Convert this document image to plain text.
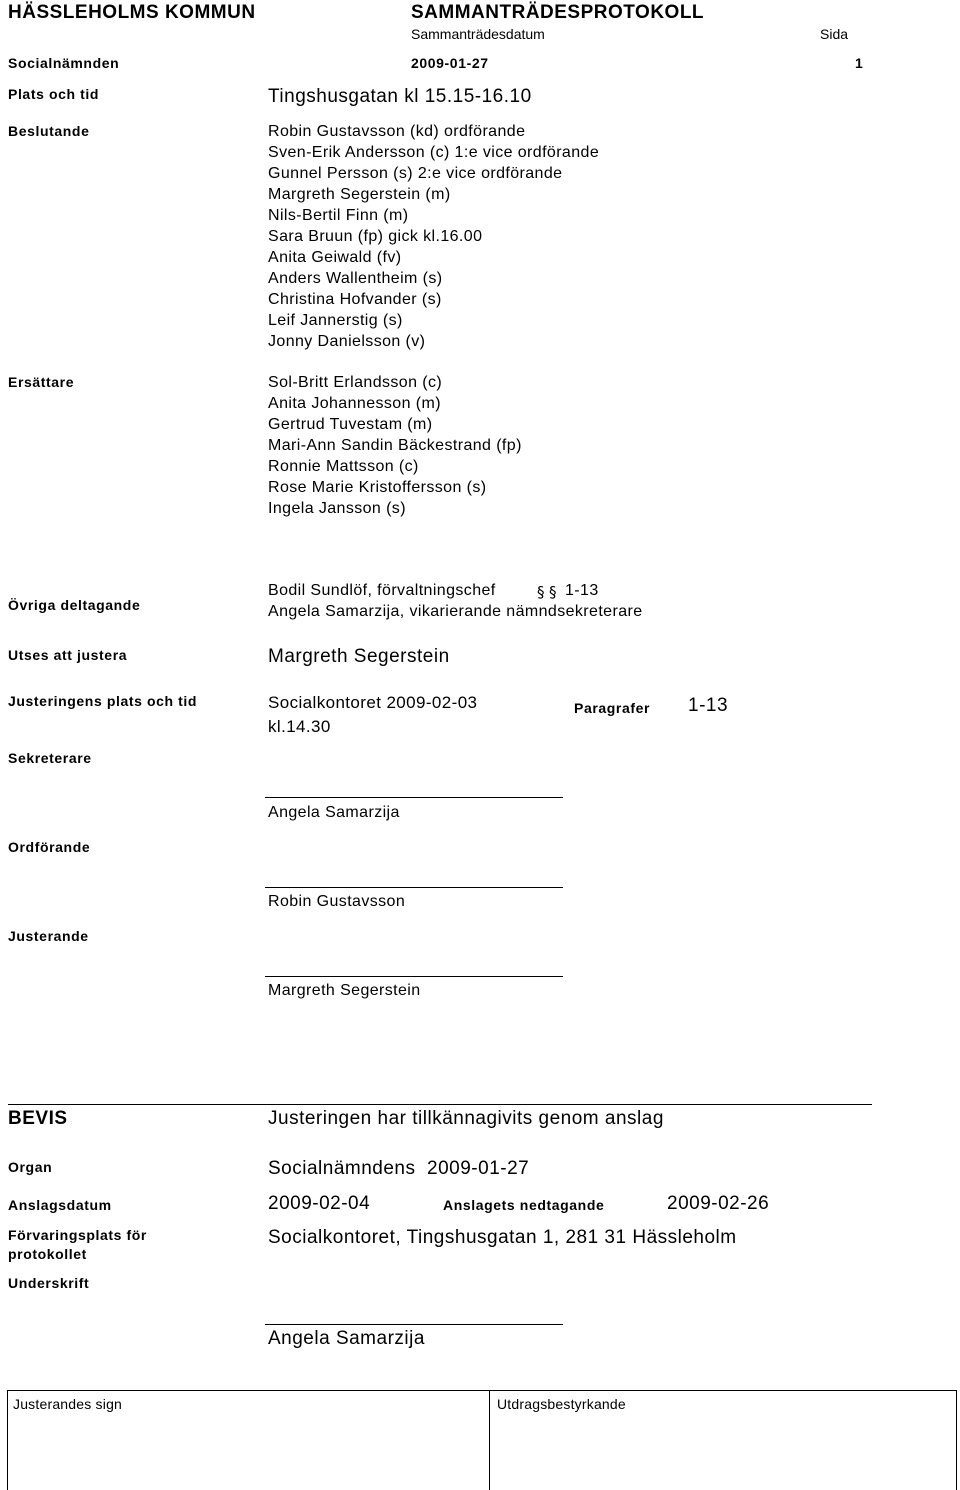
HÄSSLEHOLMS KOMMUN	SAMMANTRÄDESPROTOKOLL
Sammanträdesdatum	Sida
Socialnämnden	2009-01-27	1
Plats och tid	Tingshusgatan kl 15.15-16.10
Beslutande	Robin Gustavsson (kd) ordförande
Sven-Erik Andersson (c) 1:e vice ordförande
Gunnel Persson (s) 2:e vice ordförande
Margreth Segerstein (m)
Nils-Bertil Finn (m)
Sara Bruun (fp) gick kl.16.00
Anita Geiwald (fv)
Anders Wallentheim (s)
Christina Hofvander (s)
Leif Jannerstig (s)
Jonny Danielsson (v)
Ersättare	Sol-Britt Erlandsson (c)
Anita Johannesson (m)
Gertrud Tuvestam (m)
Mari-Ann Sandin Bäckestrand (fp)
Ronnie Mattsson (c)
Rose Marie Kristoffersson (s)
Ingela Jansson (s)
Övriga deltagande
Bodil Sundlöf, förvaltningschef	§ § 1-13
Angela Samarzija, vikarierande nämndsekreterare
Utses att justera	Margreth Segerstein
Justeringens plats och tid	Socialkontoret 2009-02-03
kl.14.30
Paragrafer 1-13
Sekreterare
Angela Samarzija
Ordförande
Robin Gustavsson
Justerande
Margreth Segerstein
BEVIS	Justeringen har tillkännagivits genom anslag
Organ	Socialnämndens  2009-01-27
Anslagsdatum	2009-02-04	Anslagets nedtagande	2009-02-26
Förvaringsplats för
protokollet
Socialkontoret, Tingshusgatan 1, 281 31 Hässleholm
Underskrift
Angela Samarzija
Justerandes sign	Utdragsbestyrkande
